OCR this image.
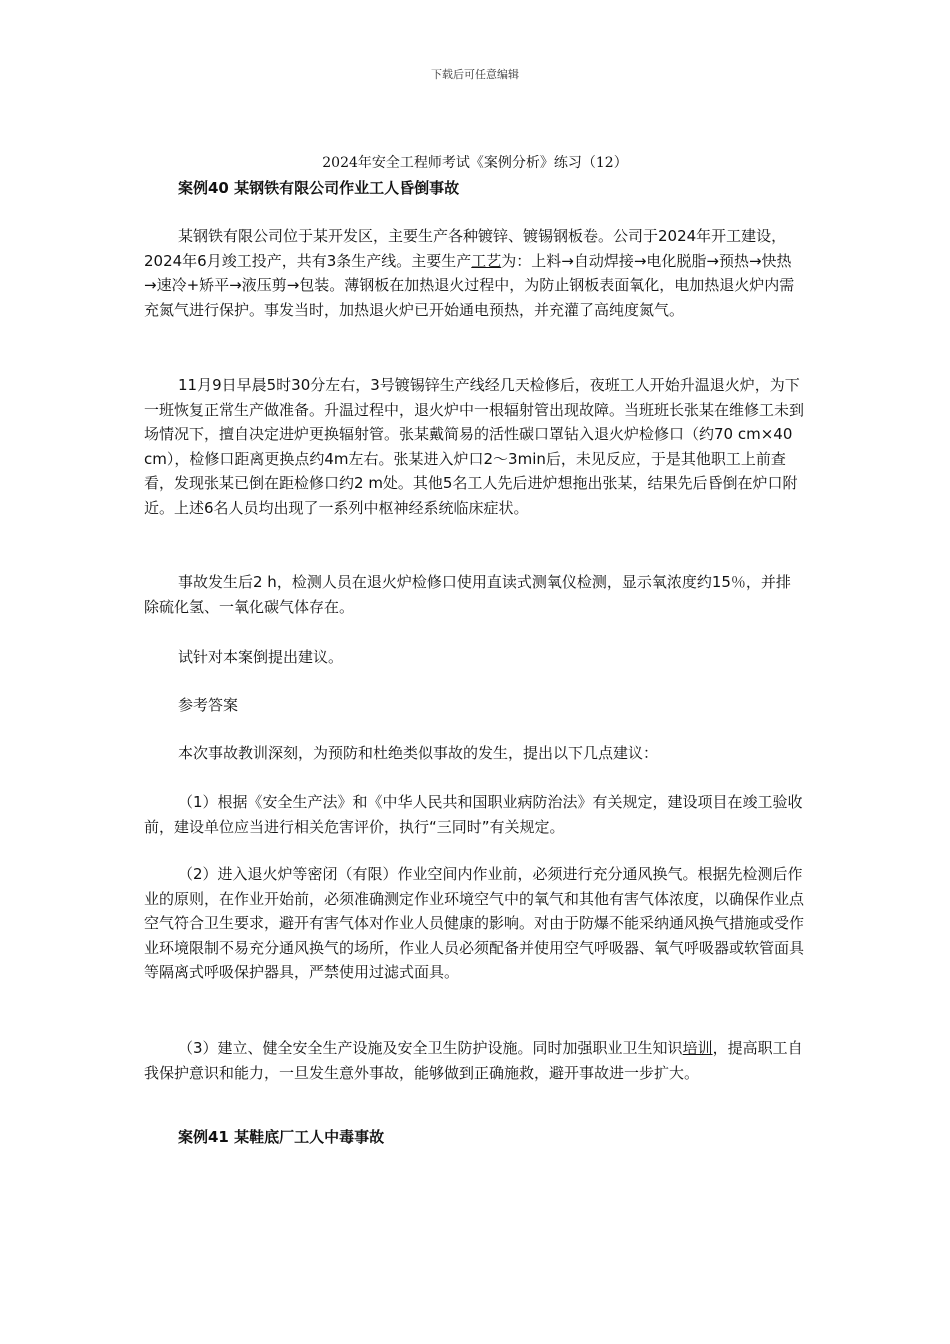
下载后可任意编辑
2024年安全工程师考试《案例分析》练习（12）
案例40 某钢铁有限公司作业工人昏倒事故

某钢铁有限公司位于某开发区，主要生产各种镀锌、镀锡钢板卷。公司于2024年开工建设，2024年6月竣工投产，共有3条生产线。主要生产工艺为：上料→自动焊接→电化脱脂→预热→快热→速冷+矫平→液压剪→包装。薄钢板在加热退火过程中，为防止钢板表面氧化，电加热退火炉内需充氮气进行保护。事发当时，加热退火炉已开始通电预热，并充灌了高纯度氮气。

11月9日早晨5时30分左右，3号镀锡锌生产线经几天检修后，夜班工人开始升温退火炉，为下一班恢复正常生产做准备。升温过程中，退火炉中一根辐射管出现故障。当班班长张某在维修工未到场情况下，擅自决定进炉更换辐射管。张某戴简易的活性碳口罩钻入退火炉检修口（约70 cm×40 cm），检修口距离更换点约4m左右。张某进入炉口2～3min后，未见反应，于是其他职工上前查看，发现张某已倒在距检修口约2 m处。其他5名工人先后进炉想拖出张某，结果先后昏倒在炉口附近。上述6名人员均出现了一系列中枢神经系统临床症状。

事故发生后2 h，检测人员在退火炉检修口使用直读式测氧仪检测，显示氧浓度约15％，并排除硫化氢、一氧化碳气体存在。

试针对本案倒提出建议。

参考答案

本次事故教训深刻，为预防和杜绝类似事故的发生，提出以下几点建议：

（1）根据《安全生产法》和《中华人民共和国职业病防治法》有关规定，建设项目在竣工验收前，建设单位应当进行相关危害评价，执行“三同时”有关规定。

（2）进入退火炉等密闭（有限）作业空间内作业前，必须进行充分通风换气。根据先检测后作业的原则，在作业开始前，必须准确测定作业环境空气中的氧气和其他有害气体浓度，以确保作业点空气符合卫生要求，避开有害气体对作业人员健康的影响。对由于防爆不能采纳通风换气措施或受作业环境限制不易充分通风换气的场所，作业人员必须配备并使用空气呼吸器、氧气呼吸器或软管面具等隔离式呼吸保护器具，严禁使用过滤式面具。

（3）建立、健全安全生产设施及安全卫生防护设施。同时加强职业卫生知识培训，提高职工自我保护意识和能力，一旦发生意外事故，能够做到正确施救，避开事故进一步扩大。

案例41 某鞋底厂工人中毒事故
